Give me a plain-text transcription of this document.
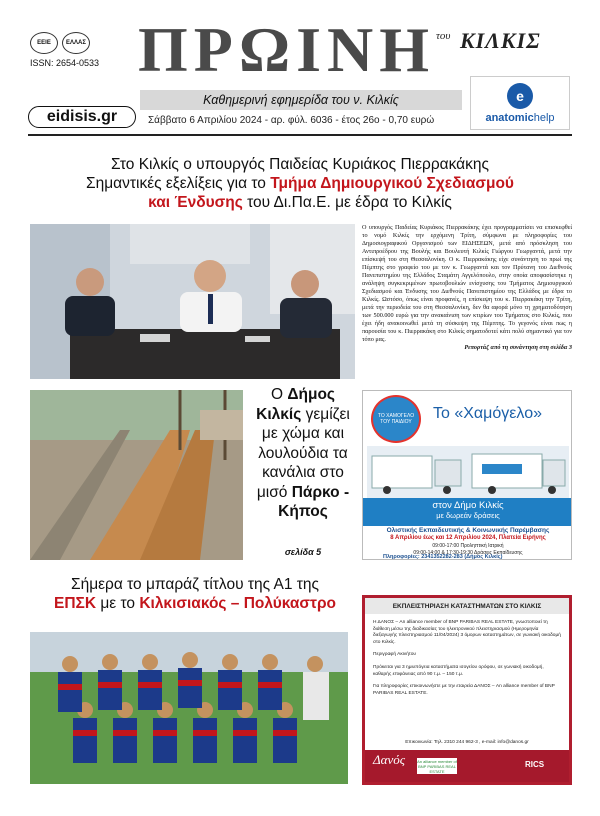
ΕΕΙΕ	ΕΛΛΑΣ
ISSN: 2654-0533 ΠΡΩΙΝΗ του ΚΙΛΚΙΣ
Καθημερινή εφημερίδα του ν. Κιλκίς
eidisis.gr	Σάββατο 6 Απριλίου 2024 - αρ. φύλ. 6036 - έτος 26ο - 0,70 ευρώ
e
anatomichelp
Στο Κιλκίς ο υπουργός Παιδείας Κυριάκος Πιερρακάκης
Σημαντικές εξελίξεις για το Τμήμα Δημιουργικού Σχεδιασμού
και Ένδυσης του Δι.Πα.Ε. με έδρα το Κιλκίς
Ο υπουργός Παιδείας Κυριάκος Πιερρακάκης έχει προγραμματίσει να επισκεφθεί το νομό Κιλκίς την ερχόμενη Τρίτη, σύμφωνα με πληροφορίες του Δημοσιογραφικού Οργανισμού των ΕΙΔΗΣΕΩΝ, μετά από πρόσκληση του Αντιπροέδρου της Βουλής και Βουλευτή Κιλκίς Γιώργου Γεωργαντά, μετά την επίσκεψή του στη Θεσσαλονίκη. Ο κ. Πιερρακάκης είχε συνάντηση το πρωί της Πέμπτης στο γραφείο του με τον κ. Γεωργαντά και τον Πρύτανη του Διεθνούς Πανεπιστημίου της Ελλάδος Σταμάτη Αγγελόπουλο, στην οποία αποφασίστηκε η ανάληψη συγκεκριμένων πρωτοβουλιών ενίσχυσης του Τμήματος Δημιουργικού Σχεδιασμού και Ένδυσης του Διεθνούς Πανεπιστημίου της Ελλάδος με έδρα το Κιλκίς. Ωστόσο, όπως είναι προφανές, η επίσκεψη του κ. Πιερρακάκη την Τρίτη, μετά την περιοδεία του στη Θεσσαλονίκη, δεν θα αφορά μόνο τη χρηματοδότηση των 500.000 ευρώ για την ανακαίνιση των κτιρίων του Τμήματος στο Κιλκίς, που έχει ήδη ανακοινωθεί μετά τη σύσκεψη της Πέμπτης. Το γεγονός είναι πως η παρουσία του κ. Πιερρακάκη στο Κιλκίς σηματοδοτεί κάτι πολύ σημαντικό για τον τόπο μας.
Ρεπορτάζ από τη συνάντηση στη σελίδα 3
Ο Δήμος Κιλκίς γεμίζει με χώμα και λουλούδια τα κανάλια στο μισό Πάρκο - Κήπος
σελίδα 5
ΤΟ ΧΑΜΟΓΕΛΟ ΤΟΥ ΠΑΙΔΙΟΥ	Το «Χαμόγελο»
στον Δήμο Κιλκίς
με δωρεάν δράσεις
Ολιστικής Εκπαιδευτικής & Κοινωνικής Παρέμβασης
8 Απριλίου έως και 12 Απριλίου 2024, Πλατεία Ειρήνης
09:00-17:00 Προληπτική Ιατρική
09:00-14:00 & 17:30-19:30 Δράσεις Εκπαίδευσης
Πληροφορίες: 2341352282-283 (Δήμος Κιλκίς)
Σήμερα το μπαράζ τίτλου της Α1 της
ΕΠΣΚ με το Κιλκισιακός – Πολύκαστρο	ΕΚΠΛΕΙΣΤΗΡΙΑΣΗ ΚΑΤΑΣΤΗΜΑΤΩΝ ΣΤΟ ΚΙΛΚΙΣ

Η ΔΑΝΟΣ – An alliance member of BNP PARIBAS REAL ESTATE, γνωστοποιεί τη διάθεση μέσω της διαδικασίας του ηλεκτρονικού πλειστηριασμού (Ημερομηνία διεξαγωγής πλειστηριασμού 11/04/2024) 3 όμορων καταστημάτων, σε γωνιακή οικοδομή στο Κιλκίς.

Περιγραφή Ακινήτου

Πρόκειται για 3 ημιυπόγεια καταστήματα ισογείου ορόφου, σε γωνιακή οικοδομή, καθαρής επιφάνειας από 90 τ.μ. – 150 τ.μ.

Για πληροφορίες επικοινωνήστε με την εταιρεία ΔΑΝΟΣ – An alliance member of BNP PARIBAS REAL ESTATE.

Επικοινωνία: Τηλ. 2310 244 962-3 , e-mail: info@danos.gr
Δανός	An alliance member of BNP PARIBAS REAL ESTATE
RICS
